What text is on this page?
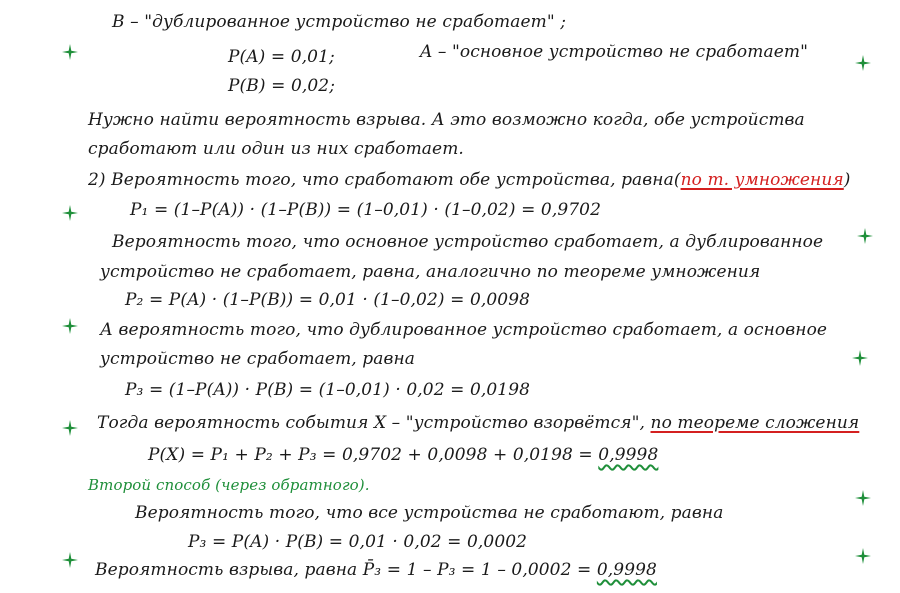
B – "дублированное устройство не сработает" ;
P(A) = 0,01;	A – "основное устройство не сработает"
P(B) = 0,02;
Нужно найти вероятность взрыва. А это возможно когда, обе устройства
сработают или один из них сработает.
2) Вероятность того, что сработают обе устройства, равна(по т. умножения)
P₁ = (1–P(A)) · (1–P(B)) = (1–0,01) · (1–0,02) = 0,9702
Вероятность того, что основное устройство сработает, а дублированное
устройство не сработает, равна, аналогично по теореме умножения
P₂ = P(A) · (1–P(B)) = 0,01 · (1–0,02) = 0,0098
А вероятность того, что дублированное устройство сработает, а основное
устройство не сработает, равна
P₃ = (1–P(A)) · P(B) = (1–0,01) · 0,02 = 0,0198
Тогда вероятность события X – "устройство взорвётся", по теореме сложения
P(X) = P₁ + P₂ + P₃ = 0,9702 + 0,0098 + 0,0198 = 0,9998
Второй способ (через обратного).
Вероятность того, что все устройства не сработают, равна
P₃ = P(A) · P(B) = 0,01 · 0,02 = 0,0002
Вероятность взрыва, равна P̄₃ = 1 – P₃ = 1 – 0,0002 = 0,9998
